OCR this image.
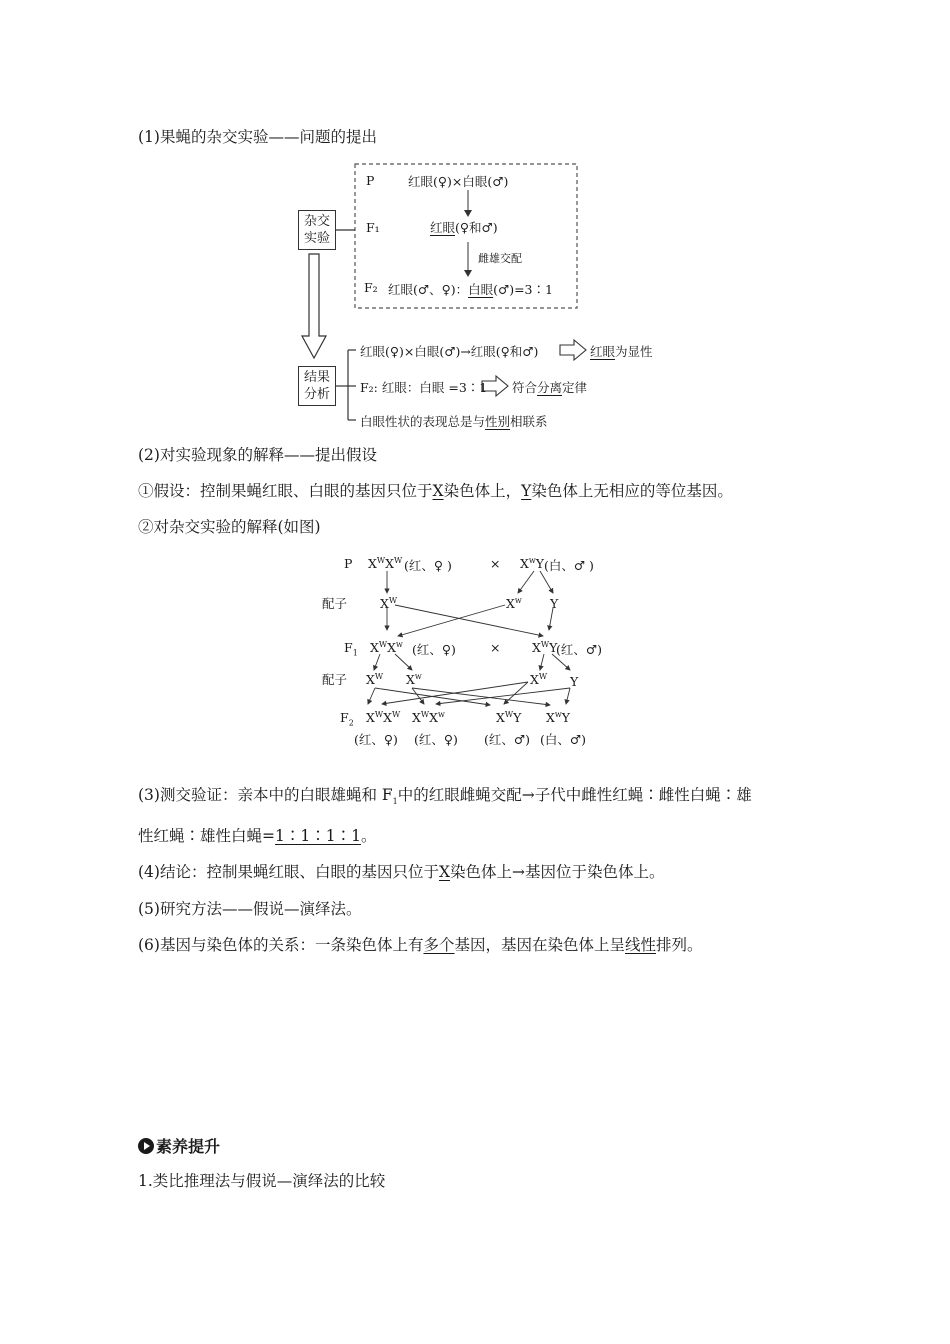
(1)果蝇的杂交实验——问题的提出
杂交
实验
结果
分析
P	红眼(♀)×白眼(♂)
F₁	红眼(♀和♂)
雌雄交配
F₂ 红眼(♂、♀)：白眼(♂)=3∶1
红眼(♀)×白眼(♂)→红眼(♀和♂)	红眼为显性
F₂: 红眼：白眼 =3∶1 符合分离定律
白眼性状的表现总是与性别相联系
(2)对实验现象的解释——提出假设
①假设：控制果蝇红眼、白眼的基因只位于X染色体上，Y染色体上无相应的等位基因。
②对杂交实验的解释(如图)
P $X^WX^W$ (红、♀ )	× $X^wY$ (白、♂ )
配子	$X^W$	$X^w$ Y
$F_1$ $X^WX^w$ (红、♀)	×	$X^WY$
(红、♂)
配子 $X^W$ $X^w$	$X^W$ Y
$F_2$ $X^WX^W$ $X^WX^w$	$X^WY$ $X^wY$
(红、♀) (红、♀) (红、♂) (白、♂)
(3)测交验证：亲本中的白眼雄蝇和 $F_1$中的红眼雌蝇交配→子代中雌性红蝇∶雌性白蝇∶雄
性红蝇∶雄性白蝇=1∶1∶1∶1。
(4)结论：控制果蝇红眼、白眼的基因只位于X染色体上→基因位于染色体上。
(5)研究方法——假说—演绎法。
(6)基因与染色体的关系：一条染色体上有多个基因，基因在染色体上呈线性排列。
素养提升
1.类比推理法与假说—演绎法的比较
